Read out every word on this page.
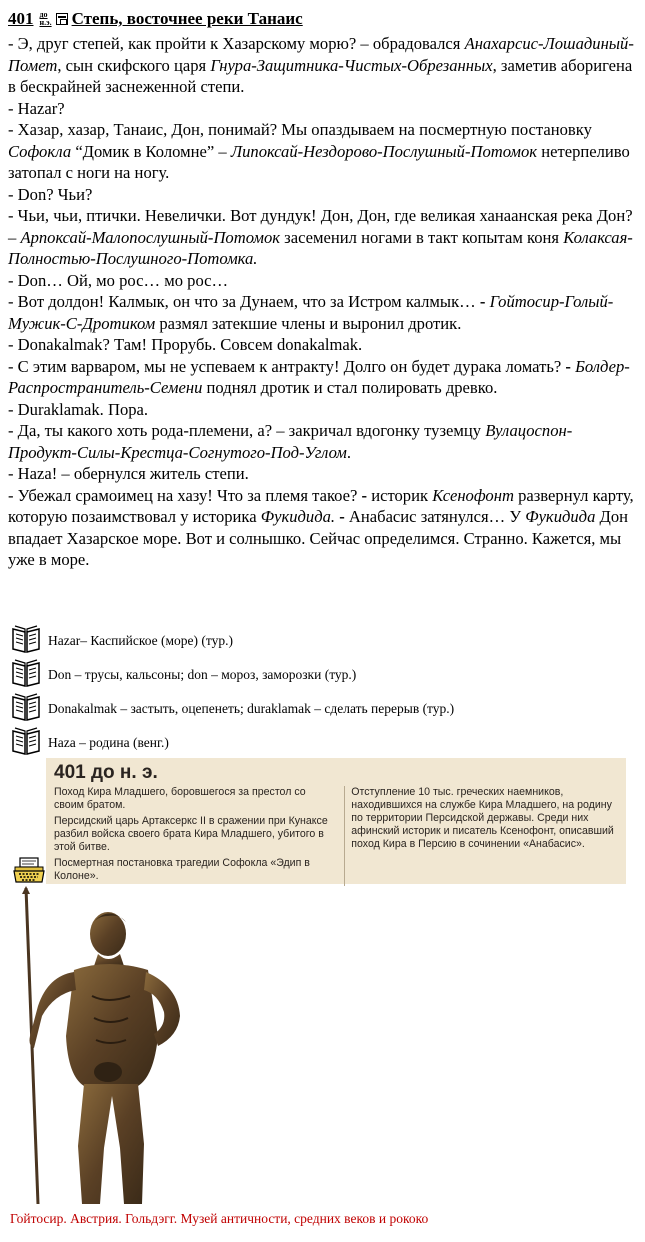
401 до
н.э. Степь, восточнее реки Танаис

- Э, друг степей, как пройти к Хазарскому морю? – обрадовался Анахарсис-Лошадиный-Помет, сын скифского царя Гнура-Защитника-Чистых-Обрезанных, заметив аборигена в бескрайней заснеженной степи.

- Hazar?

- Хазар, хазар, Танаис, Дон, понимай? Мы опаздываем на посмертную постановку Софокла “Домик в Коломне” – Липоксай-Нездорово-Послушный-Потомок нетерпеливо затопал с ноги на ногу.

- Don? Чьи?

- Чьи, чьи, птички. Невелички. Вот дундук! Дон, Дон, где великая ханаанская река Дон? – Арпоксай-Малопослушный-Потомок засеменил ногами в такт копытам коня Колаксая-Полностью-Послушного-Потомка.

- Don… Ой, мо рос… мо рос…

- Вот долдон! Калмык, он что за Дунаем, что за Истром калмык… - Гойтосир-Голый-Мужик-С-Дротиком размял затекшие члены и выронил дротик.

- Donakalmak? Там! Прорубь. Совсем donakalmak.

- С этим варваром, мы не успеваем к антракту! Долго он будет дурака ломать? - Болдер-Распространитель-Семени поднял дротик и стал полировать древко.

- Duraklamak. Пора.

- Да, ты какого хоть рода-племени, а? – закричал вдогонку туземцу Вулацоспон-Продукт-Силы-Крестца-Согнутого-Под-Углом.

- Haza! – обернулся житель степи.

- Убежал срамоимец на хазу! Что за племя такое? - историк Ксенофонт развернул карту, которую позаимствовал у историка Фукидида. - Анабасис затянулся… У Фукидида Дон впадает Хазарское море. Вот и солнышко. Сейчас определимся. Странно. Кажется, мы уже в море.

Hazar– Каспийское (море) (тур.)
Don – трусы, кальсоны; don – мороз, заморозки (тур.)
Donakalmak – застыть, оцепенеть; duraklamak – сделать перерыв (тур.)
Haza – родина (венг.)
401 до н. э.

Поход Кира Младшего, боровшегося за престол со своим братом.

Персидский царь Артаксеркс II в сражении при Кунаксе разбил войска своего брата Кира Младшего, убитого в этой битве.

Посмертная постановка трагедии Софокла «Эдип в Колоне».

Отступление 10 тыс. греческих наемников, находившихся на службе Кира Младшего, на родину по территории Персидской державы. Среди них афинский историк и писатель Ксенофонт, описавший поход Кира в Персию в сочинении «Анабасис».

Гойтосир. Австрия. Гольдэгг. Музей античности, средних веков и рококо
